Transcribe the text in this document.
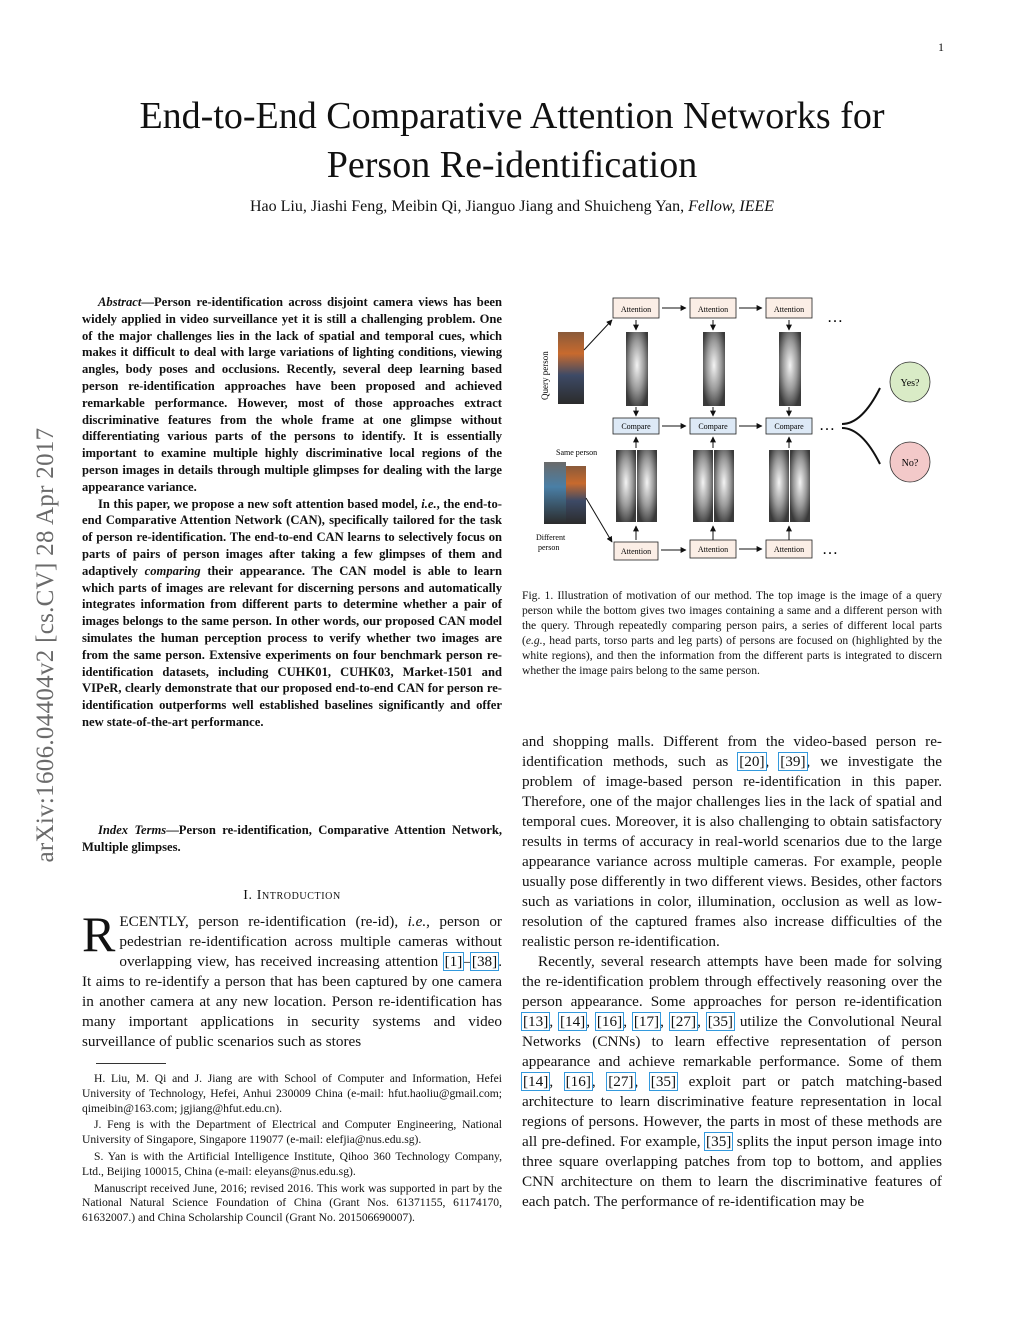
1
arXiv:1606.04404v2 [cs.CV] 28 Apr 2017
End-to-End Comparative Attention Networks for
Person Re-identification
Hao Liu, Jiashi Feng, Meibin Qi, Jianguo Jiang and Shuicheng Yan, Fellow, IEEE

Abstract—Person re-identification across disjoint camera views has been widely applied in video surveillance yet it is still a challenging problem. One of the major challenges lies in the lack of spatial and temporal cues, which makes it difficult to deal with large variations of lighting conditions, viewing angles, body poses and occlusions. Recently, several deep learning based person re-identification approaches have been proposed and achieved remarkable performance. However, most of those approaches extract discriminative features from the whole frame at one glimpse without differentiating various parts of the persons to identify. It is essentially important to examine multiple highly discriminative local regions of the person images in details through multiple glimpses for dealing with the large appearance variance.

In this paper, we propose a new soft attention based model, i.e., the end-to-end Comparative Attention Network (CAN), specifically tailored for the task of person re-identification. The end-to-end CAN learns to selectively focus on parts of pairs of person images after taking a few glimpses of them and adaptively comparing their appearance. The CAN model is able to learn which parts of images are relevant for discerning persons and automatically integrates information from different parts to determine whether a pair of images belongs to the same person. In other words, our proposed CAN model simulates the human perception process to verify whether two images are from the same person. Extensive experiments on four benchmark person re-identification datasets, including CUHK01, CUHK03, Market-1501 and VIPeR, clearly demonstrate that our proposed end-to-end CAN for person re-identification outperforms well established baselines significantly and offer new state-of-the-art performance.

Index Terms—Person re-identification, Comparative Attention Network, Multiple glimpses.
I. Introduction

RECENTLY, person re-identification (re-id), i.e., person or pedestrian re-identification across multiple cameras without overlapping view, has received increasing attention [1]–[38]. It aims to re-identify a person that has been captured by one camera in another camera at any new location. Person re-identification has many important applications in security systems and video surveillance of public scenarios such as stores

H. Liu, M. Qi and J. Jiang are with School of Computer and Information, Hefei University of Technology, Hefei, Anhui 230009 China (e-mail: hfut.haoliu@gmail.com; qimeibin@163.com; jgjiang@hfut.edu.cn).

J. Feng is with the Department of Electrical and Computer Engineering, National University of Singapore, Singapore 119077 (e-mail: elefjia@nus.edu.sg).

S. Yan is with the Artificial Intelligence Institute, Qihoo 360 Technology Company, Ltd., Beijing 100015, China (e-mail: eleyans@nus.edu.sg).

Manuscript received June, 2016; revised 2016. This work was supported in part by the National Natural Science Foundation of China (Grant Nos. 61371155, 61174170, 61632007.) and China Scholarship Council (Grant No. 201506690007).

Attention	Attention	Attention …
Query person
Compare	Compare	Compare …
Yes?
No?
Same person
Different
person	Attention	Attention	Attention …

Fig. 1. Illustration of motivation of our method. The top image is the image of a query person while the bottom gives two images containing a same and a different person with the query. Through repeatedly comparing person pairs, a series of different local parts (e.g., head parts, torso parts and leg parts) of persons are focused on (highlighted by the white regions), and then the information from the different parts is integrated to discern whether the image pairs belong to the same person.

and shopping malls. Different from the video-based person re-identification methods, such as [20], [39], we investigate the problem of image-based person re-identification in this paper. Therefore, one of the major challenges lies in the lack of spatial and temporal cues. Moreover, it is also challenging to obtain satisfactory results in terms of accuracy in real-world scenarios due to the large appearance variance across multiple cameras. For example, people usually pose differently in two different views. Besides, other factors such as variations in color, illumination, occlusion as well as low-resolution of the captured frames also increase difficulties of the realistic person re-identification.

Recently, several research attempts have been made for solving the re-identification problem through effectively reasoning over the person appearance. Some approaches for person re-identification [13], [14], [16], [17], [27], [35] utilize the Convolutional Neural Networks (CNNs) to learn effective representation of person appearance and achieve remarkable performance. Some of them [14], [16], [27], [35] exploit part or patch matching-based architecture to learn discriminative feature representation in local regions of persons. However, the parts in most of these methods are all pre-defined. For example, [35] splits the input person image into three square overlapping patches from top to bottom, and applies CNN architecture on them to learn the discriminative features of each patch. The performance of re-identification may be
